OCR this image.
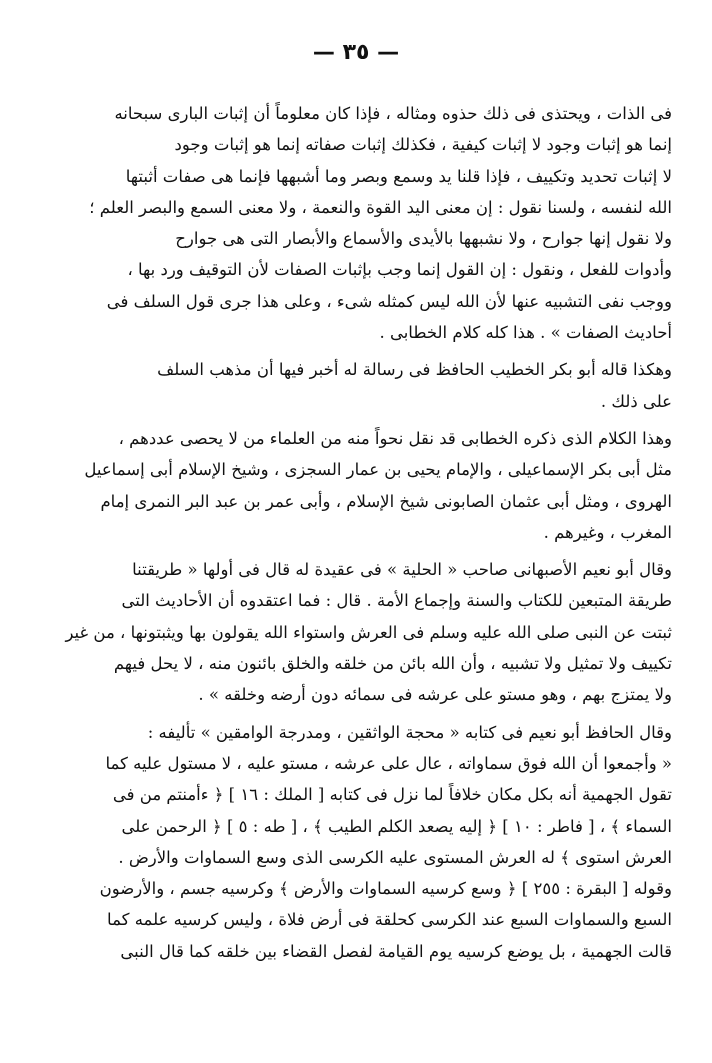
— ٣٥ —
فى الذات ، ويحتذى فى ذلك حذوه ومثاله ، فإذا كان معلوماً أن إثبات البارى سبحانه
إنما هو إثبات وجود لا إثبات كيفية ، فكذلك إثبات صفاته إنما هو إثبات وجود
لا إثبات تحديد وتكييف ، فإذا قلنا يد وسمع وبصر وما أشبهها فإنما هى صفات أثبتها
الله لنفسه ، ولسنا نقول : إن معنى اليد القوة والنعمة ، ولا معنى السمع والبصر العلم ؛
ولا نقول إنها جوارح ، ولا نشبهها بالأيدى والأسماع والأبصار التى هى جوارح
وأدوات للفعل ، ونقول : إن القول إنما وجب بإثبات الصفات لأن التوقيف ورد بها ،
ووجب نفى التشبيه عنها لأن الله ليس كمثله شىء ، وعلى هذا جرى قول السلف فى
أحاديث الصفات » . هذا كله كلام الخطابى .
وهكذا قاله أبو بكر الخطيب الحافظ فى رسالة له أخبر فيها أن مذهب السلف
على ذلك .
وهذا الكلام الذى ذكره الخطابى قد نقل نحواً منه من العلماء من لا يحصى عددهم ،
مثل أبى بكر الإسماعيلى ، والإمام يحيى بن عمار السجزى ، وشيخ الإسلام أبى إسماعيل
الهروى ، ومثل أبى عثمان الصابونى شيخ الإسلام ، وأبى عمر بن عبد البر النمرى إمام
المغرب ، وغيرهم .
وقال أبو نعيم الأصبهانى صاحب « الحلية » فى عقيدة له قال فى أولها « طريقتنا
طريقة المتبعين للكتاب والسنة وإجماع الأمة . قال : فما اعتقدوه أن الأحاديث التى
ثبتت عن النبى صلى الله عليه وسلم فى العرش واستواء الله يقولون بها ويثبتونها ، من غير
تكييف ولا تمثيل ولا تشبيه ، وأن الله بائن من خلقه والخلق بائنون منه ، لا يحل فيهم
ولا يمتزج بهم ، وهو مستو على عرشه فى سمائه دون أرضه وخلقه » .
وقال الحافظ أبو نعيم فى كتابه « محجة الواثقين ، ومدرجة الوامقين » تأليفه :
« وأجمعوا أن الله فوق سماواته ، عال على عرشه ، مستو عليه ، لا مستول عليه كما
تقول الجهمية أنه بكل مكان خلافاً لما نزل فى كتابه [ الملك : ١٦ ] ﴿ ءأمنتم من فى
السماء ﴾ ، [ فاطر : ١٠ ] ﴿ إليه يصعد الكلم الطيب ﴾ ، [ طه : ٥ ] ﴿ الرحمن على
العرش استوى ﴾ له العرش المستوى عليه الكرسى الذى وسع السماوات والأرض .
وقوله [ البقرة : ٢٥٥ ] ﴿ وسع كرسيه السماوات والأرض ﴾ وكرسيه جسم ، والأرضون
السبع والسماوات السبع عند الكرسى كحلقة فى أرض فلاة ، وليس كرسيه علمه كما
قالت الجهمية ، بل يوضع كرسيه يوم القيامة لفصل القضاء بين خلقه كما قال النبى
